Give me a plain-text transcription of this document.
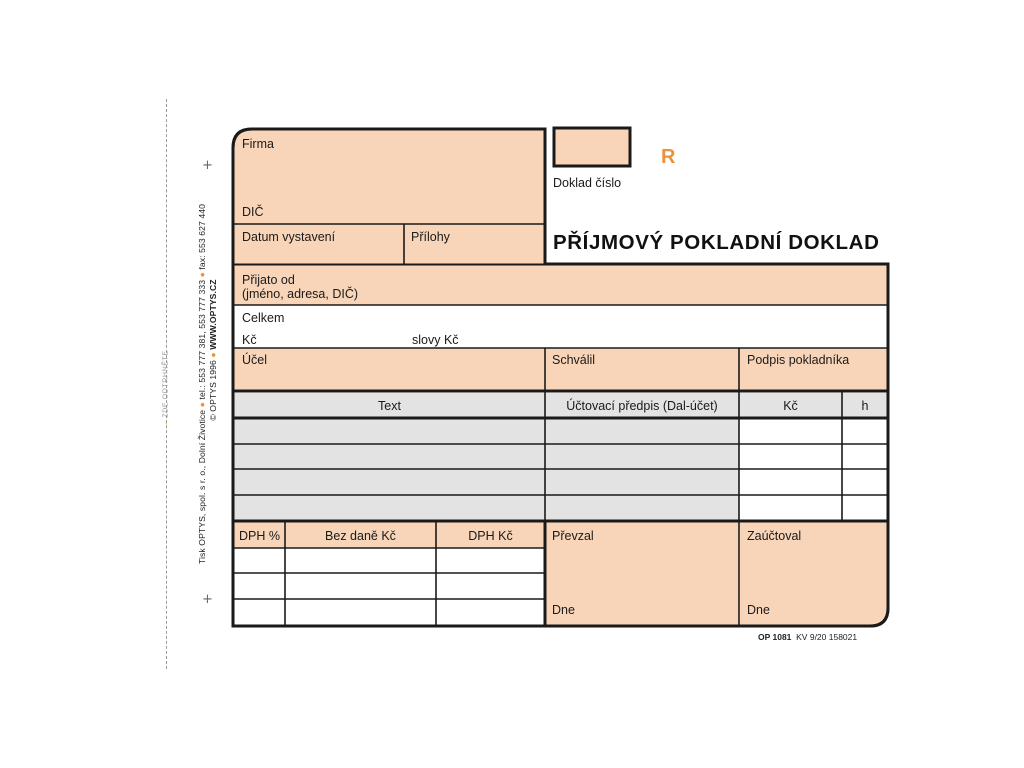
→ ZDE ODTRHNĚTE ←
+
+
Tisk OPTYS, spol. s r. o., Dolní Životice ● tel.: 553 777 381, 553 777 333 ● fax: 553 627 440
© OPTYS 1996 ● WWW.OPTYS.CZ
Firma
DIČ
Datum vystavení	Přílohy
R
Doklad číslo
PŘÍJMOVÝ POKLADNÍ DOKLAD
Přijato od
(jméno, adresa, DIČ)
Celkem
Kč	slovy Kč
Účel	Schválil	Podpis pokladníka
Text	Účtovací předpis (Dal-účet)	Kč	h
DPH %	Bez daně Kč	DPH Kč	Převzal	Zaúčtoval
Dne	Dne
OP 1081 KV 9/20 158021
